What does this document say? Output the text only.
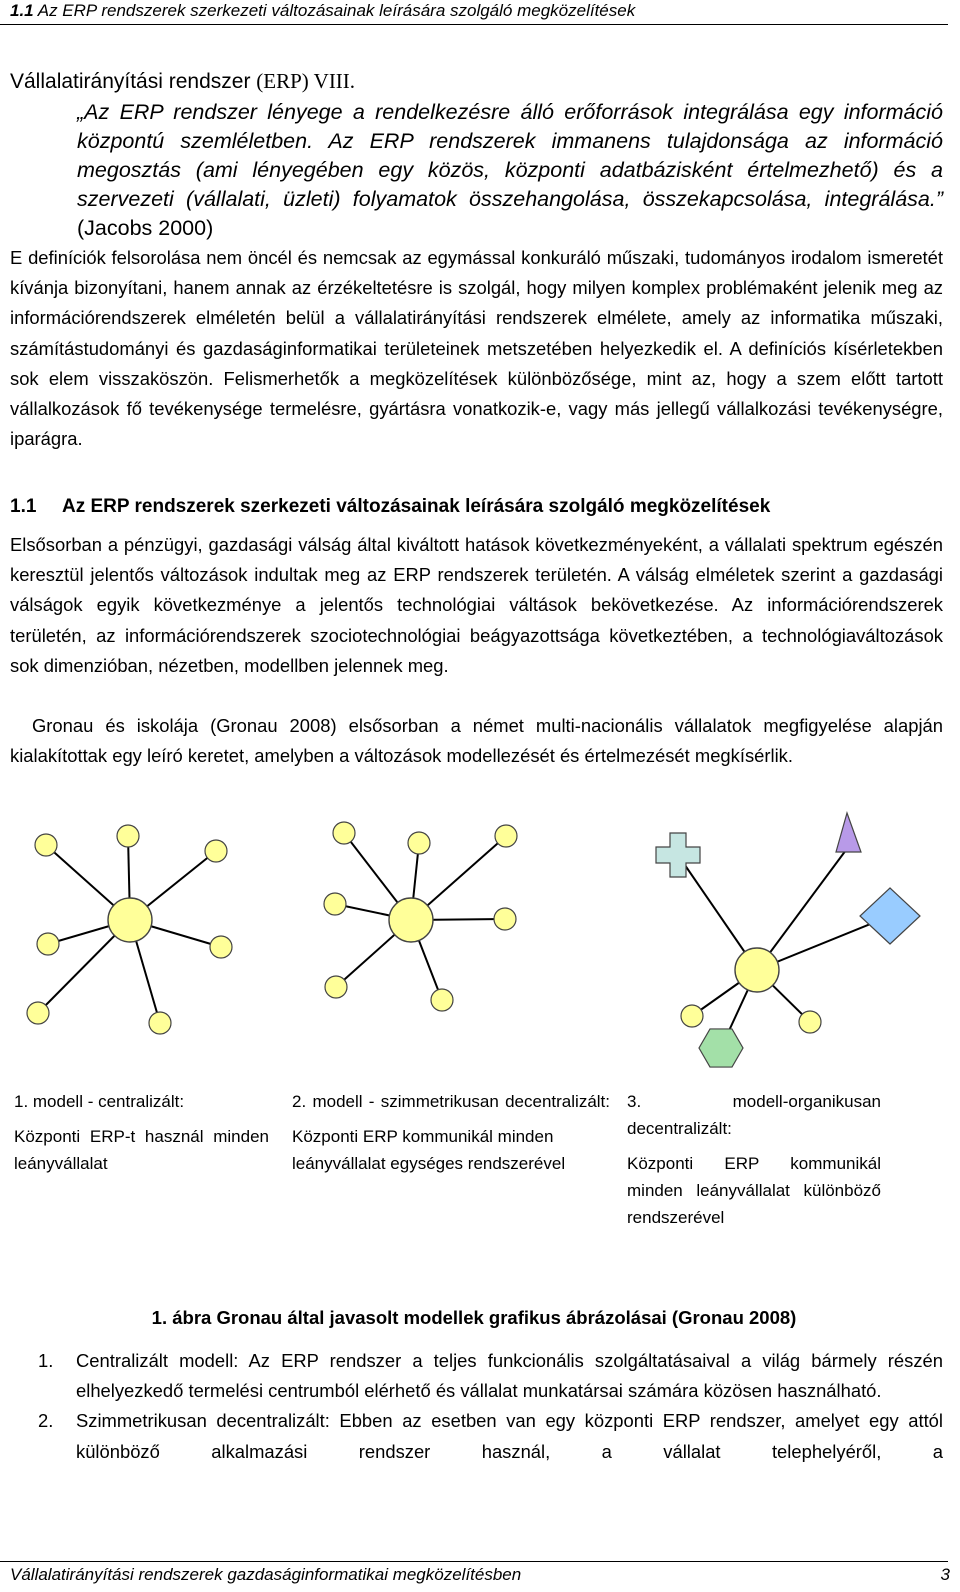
1.1 Az ERP rendszerek szerkezeti változásainak leírására szolgáló megközelítések
Vállalatirányítási rendszer (ERP) VIII.
„Az ERP rendszer lényege a rendelkezésre álló erőforrások integrálása egy információ központú szemléletben. Az ERP rendszerek immanens tulajdonsága az információ megosztás (ami lényegében egy közös, központi adatbázisként értelmezhető) és a szervezeti (vállalati, üzleti) folyamatok összehangolása, összekapcsolása, integrálása.” (Jacobs 2000)
E definíciók felsorolása nem öncél és nemcsak az egymással konkuráló műszaki, tudományos irodalom ismeretét kívánja bizonyítani, hanem annak az érzékeltetésre is szolgál, hogy milyen komplex problémaként jelenik meg az információrendszerek elméletén belül a vállalatirányítási rendszerek elmélete, amely az informatika műszaki, számítástudományi és gazdaságinformatikai területeinek metszetében helyezkedik el. A definíciós kísérletekben sok elem visszaköszön. Felismerhetők a megközelítések különbözősége, mint az, hogy a szem előtt tartott vállalkozások fő tevékenysége termelésre, gyártásra vonatkozik-e, vagy más jellegű vállalkozási tevékenységre, iparágra.
1.1 Az ERP rendszerek szerkezeti változásainak leírására szolgáló megközelítések
Elsősorban a pénzügyi, gazdasági válság által kiváltott hatások következményeként, a vállalati spektrum egészén keresztül jelentős változások indultak meg az ERP rendszerek területén. A válság elméletek szerint a gazdasági válságok egyik következménye a jelentős technológiai váltások bekövetkezése. Az információrendszerek területén, az információrendszerek szociotechnológiai beágyazottsága következtében, a technológiaváltozások sok dimenzióban, nézetben, modellben jelennek meg.
Gronau és iskolája (Gronau 2008) elsősorban a német multi-nacionális vállalatok megfigyelése alapján kialakítottak egy leíró keretet, amelyben a változások modellezését és értelmezését megkísérlik.

1. modell - centralizált:

Központi ERP-t használ minden leányvállalat

2. modell - szimmetrikusan decentralizált:

Központi ERP kommunikál minden leányvállalat egységes rendszerével

3. modell-organikusan decentralizált:

Központi ERP kommunikál minden leányvállalat különböző rendszerével

1. ábra Gronau által javasolt modellek grafikus ábrázolásai (Gronau 2008)
1. Centralizált modell: Az ERP rendszer a teljes funkcionális szolgáltatásaival a világ bármely részén elhelyezkedő termelési centrumból elérhető és vállalat munkatársai számára közösen használható.
2. Szimmetrikusan decentralizált: Ebben az esetben van egy központi ERP rendszer, amelyet egy attól különböző alkalmazási rendszer használ, a vállalat telephelyéről, a
Vállalatirányítási rendszerek gazdaságinformatikai megközelítésben	3
